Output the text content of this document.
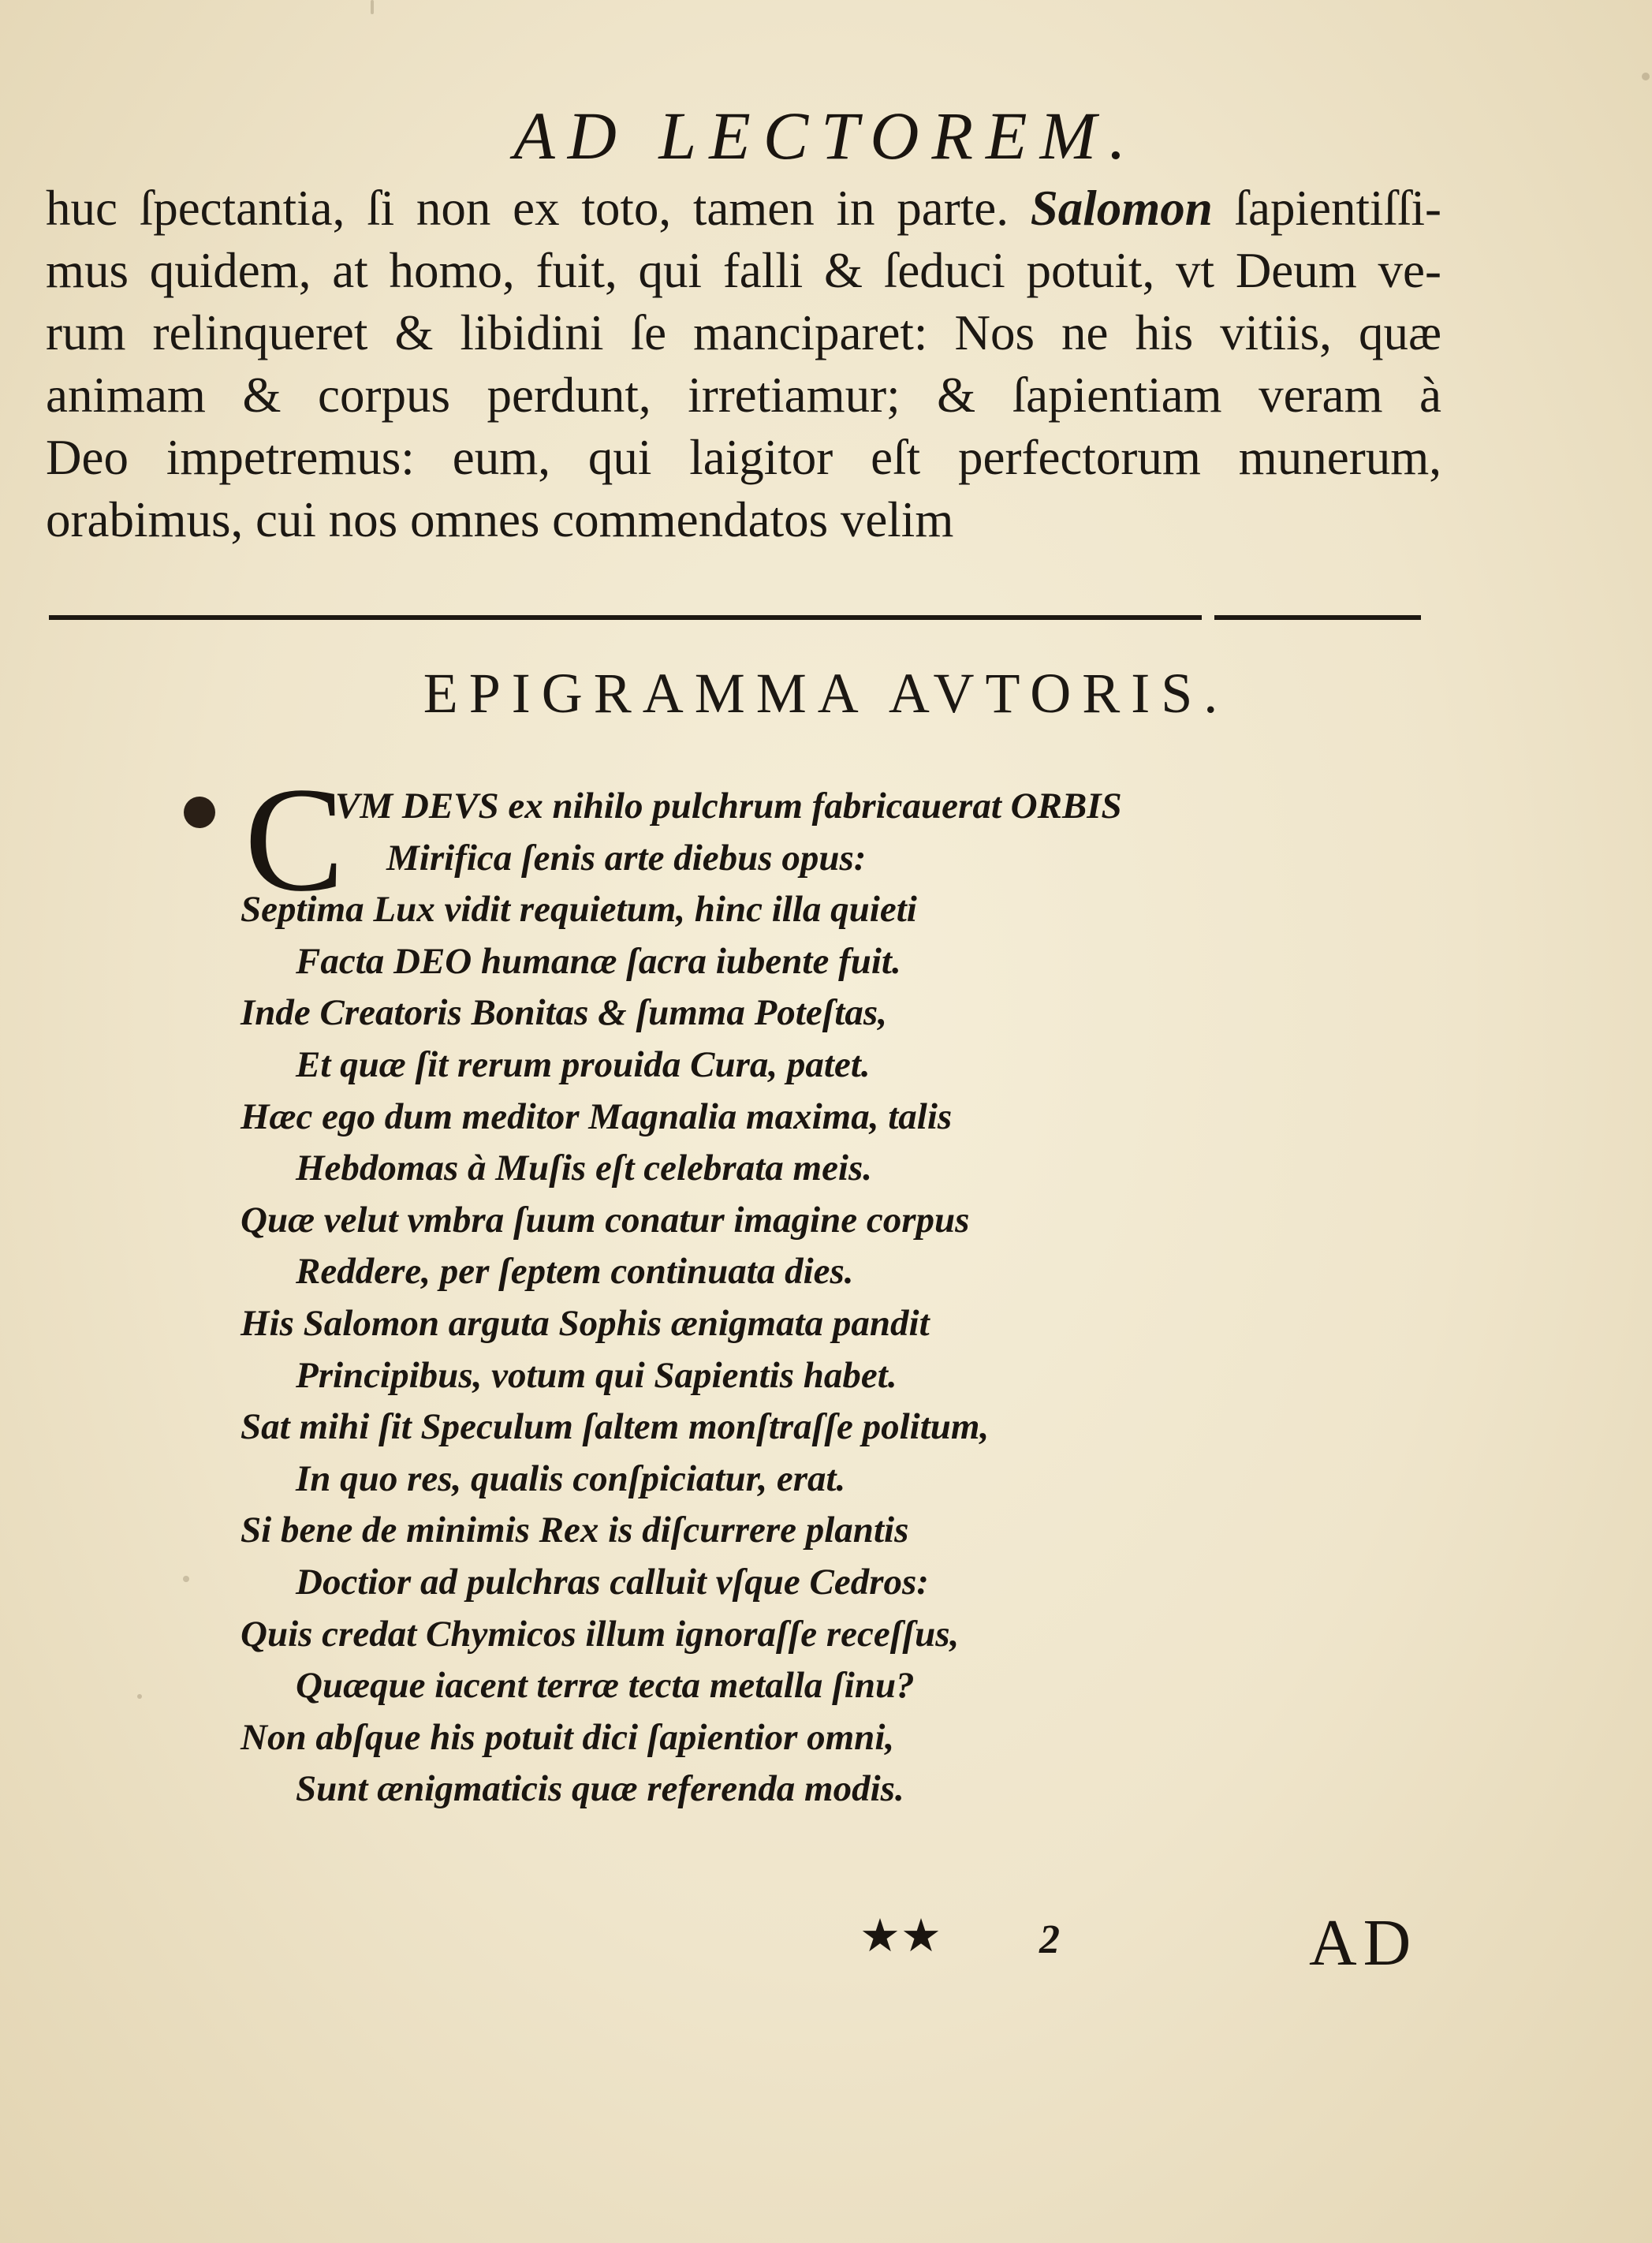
AD LECTOREM.
huc ſpectantia, ſi non ex toto, tamen in parte. Salomon ſapientiſſi-
mus quidem, at homo, fuit, qui falli & ſeduci potuit, vt Deum ve-
rum relinqueret & libidini ſe manciparet: Nos ne his vitiis, quæ
animam & corpus perdunt, irretiamur; & ſapientiam veram à
Deo impetremus: eum, qui laigitor eſt perfectorum munerum,
orabimus, cui nos omnes commendatos velim
EPIGRAMMA AVTORIS.
C
VM DEVS ex nihilo pulchrum fabricauerat ORBIS
Mirifica ſenis arte diebus opus:
Septima Lux vidit requietum, hinc illa quieti
Facta DEO humanæ ſacra iubente fuit.
Inde Creatoris Bonitas & ſumma Poteſtas,
Et quæ ſit rerum prouida Cura, patet.
Hæc ego dum meditor Magnalia maxima, talis
Hebdomas à Muſis eſt celebrata meis.
Quæ velut vmbra ſuum conatur imagine corpus
Reddere, per ſeptem continuata dies.
His Salomon arguta Sophis ænigmata pandit
Principibus, votum qui Sapientis habet.
Sat mihi ſit Speculum ſaltem monſtraſſe politum,
In quo res, qualis conſpiciatur, erat.
Si bene de minimis Rex is diſcurrere plantis
Doctior ad pulchras calluit vſque Cedros:
Quis credat Chymicos illum ignoraſſe receſſus,
Quæque iacent terræ tecta metalla ſinu?
Non abſque his potuit dici ſapientior omni,
Sunt ænigmaticis quæ referenda modis.
★★ 2	AD
